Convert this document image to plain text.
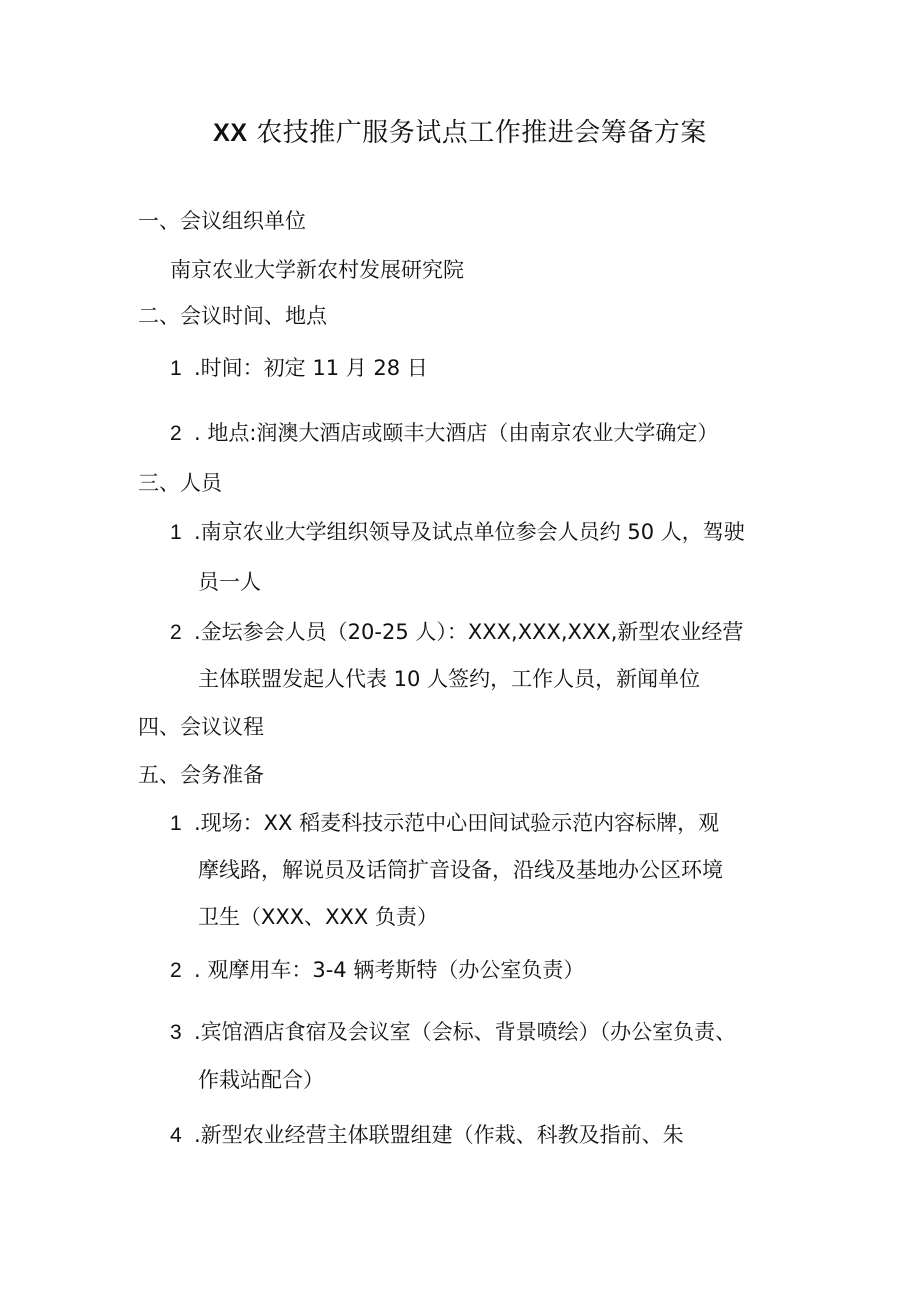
XX 农技推广服务试点工作推进会筹备方案
一、会议组织单位
南京农业大学新农村发展研究院
二、会议时间、地点
1 .时间：初定 11 月 28 日
2 . 地点:润澳大酒店或颐丰大酒店（由南京农业大学确定）
三、人员
1 .南京农业大学组织领导及试点单位参会人员约 50 人，驾驶
员一人
2 .金坛参会人员（20-25 人）：XXX,XXX,XXX,新型农业经营
主体联盟发起人代表 10 人签约，工作人员，新闻单位
四、会议议程
五、会务准备
1 .现场：XX 稻麦科技示范中心田间试验示范内容标牌，观
摩线路，解说员及话筒扩音设备，沿线及基地办公区环境
卫生（XXX、XXX 负责）
2 . 观摩用车：3-4 辆考斯特（办公室负责）
3 .宾馆酒店食宿及会议室（会标、背景喷绘）（办公室负责、
作栽站配合）
4 .新型农业经营主体联盟组建（作栽、科教及指前、朱
